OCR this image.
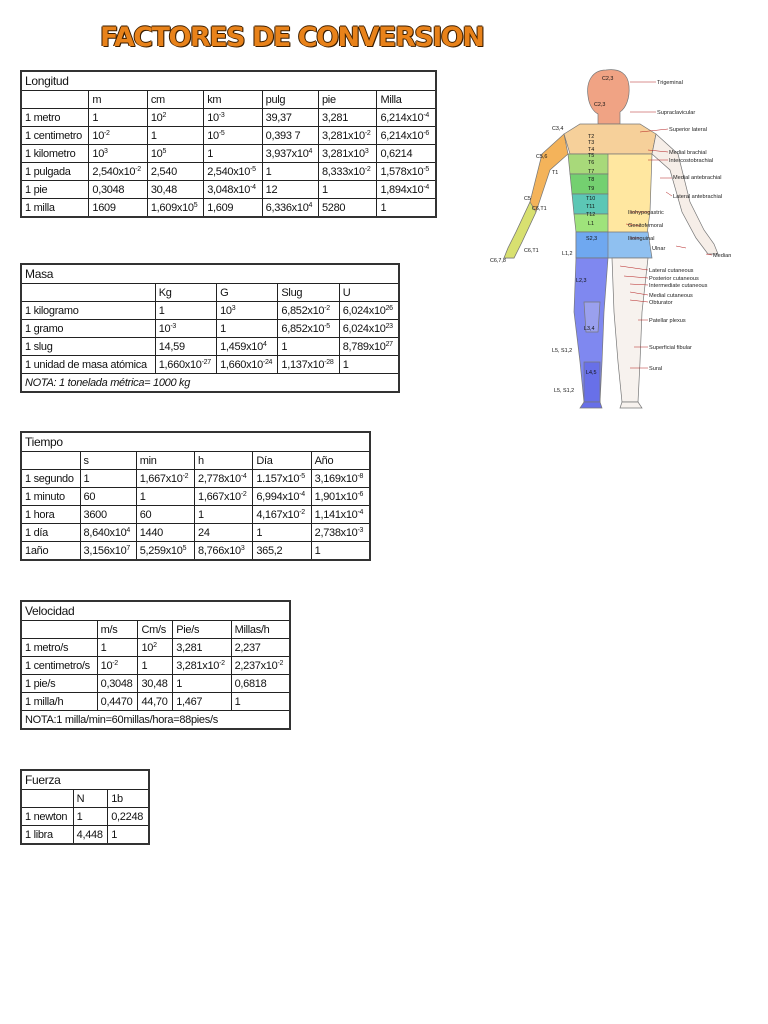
FACTORES DE CONVERSION
Longitud						
	m	cm	km	pulg	pie	Milla
1 metro	1	$10^2$	$10^{-3}$	39,37	3,281	$6,214x10^{-4}$
1 centimetro	$10^{-2}$	1	$10^{-5}$	0,393 7	$3,281x10^{-2}$	$6,214x10^{-6}$
1 kilometro	$10^3$	$10^5$	1	$3,937x10^4$	$3,281x10^3$	0,6214
1 pulgada	$2,540x10^{-2}$	2,540	$2,540x10^{-5}$	1	$8,333x10^{-2}$	$1,578x10^{-5}$
1 pie	0,3048	30,48	$3,048x10^{-4}$	12	1	$1,894x10^{-4}$
1 milla	1609	$1,609x10^5$	1,609	$6,336x10^4$	5280	1
Masa				
	Kg	G	Slug	U
1 kilogramo	1	$10^3$	$6,852x10^{-2}$	$6,024x10^{26}$
1 gramo	$10^{-3}$	1	$6,852x10^{-5}$	$6,024x10^{23}$
1 slug	14,59	$1,459x10^4$	1	$8,789x10^{27}$
1 unidad de masa atómica	$1,660x10^{-27}$	$1,660x10^{-24}$	$1,137x10^{-28}$	1
NOTA: 1 tonelada métrica= 1000 kg				
Tiempo					
	s	min	h	Día	Año
1 segundo	1	$1,667x10^{-2}$	$2,778x10^{-4}$	$1.157x10^{-5}$	$3,169x10^{-8}$
1 minuto	60	1	$1,667x10^{-2}$	$6,994x10^{-4}$	$1,901x10^{-6}$
1 hora	3600	60	1	$4,167x10^{-2}$	$1,141x10^{-4}$
1 día	$8,640x10^4$	1440	24	1	$2,738x10^{-3}$
1año	$3,156x10^7$	$5,259x10^5$	$8,766x10^3$	365,2	1
Velocidad				
	m/s	Cm/s	Pie/s	Millas/h
1 metro/s	1	$10^2$	3,281	2,237
1 centimetro/s	$10^{-2}$	1	$3,281x10^{-2}$	$2,237x10^{-2}$
1 pie/s	0,3048	30,48	1	0,6818
1 milla/h	0,4470	44,70	1,467	1
NOTA:1 milla/min=60millas/hora=88pies/s				
Fuerza		
	N	1b
1 newton	1	0,2248
1 libra	4,448	1
Trigeminal
Supraclavicular
Superior lateral
Medial brachial
Intercostobrachial
Medial antebrachial
Lateral antebrachial
Iliohypogastric
Genitofemoral
Ilioinguinal
Ulnar
Median
Lateral cutaneous
Posterior cutaneous
Intermediate cutaneous
Medial cutaneous
Obturator
Patellar plexus
Superficial fibular
Sural
C2,3
C2,3
C3,4
T2
T3
T4
T5
T6
T7
T8
T9
T10
T11
T12
L1
S2,3
C5,6
T1
C5
C6,T1
C6,T1
C6,7,8
L1,2
L2,3
L3,4
L4,5
L5, S1,2
L5, S1,2
